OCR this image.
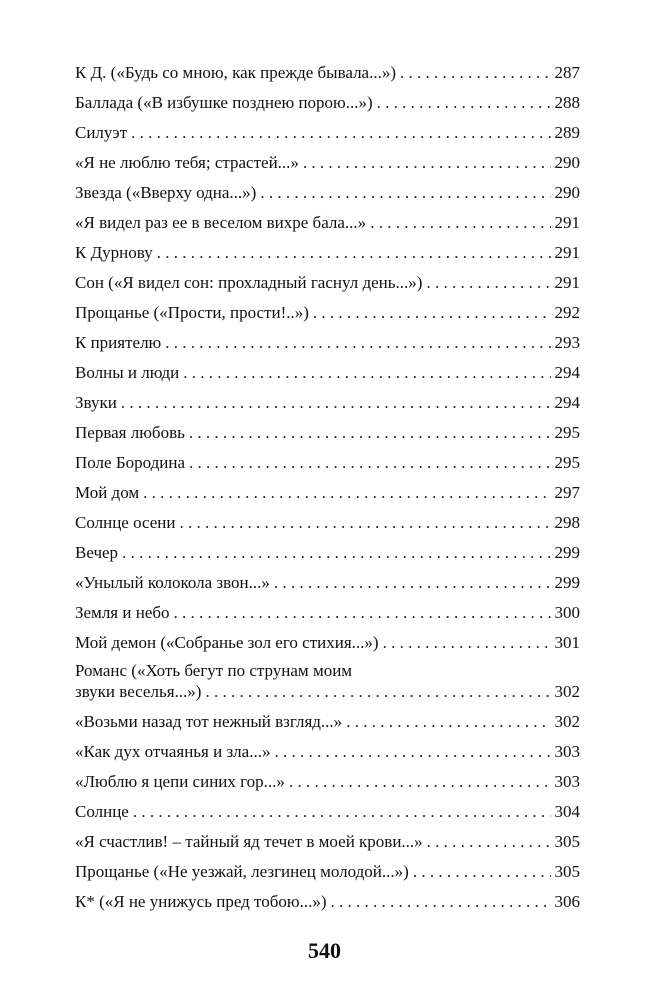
К Д. («Будь со мною, как прежде бывала...») . . .	287
Баллада («В избушке позднею порою...») . . .	288
Силуэт . . .	289
«Я не люблю тебя; страстей...» . . .	290
Звезда («Вверху одна...») . . .	290
«Я видел раз ее в веселом вихре бала...» . . .	291
К Дурнову . . .	291
Сон («Я видел сон: прохладный гаснул день...») . . .	291
Прощанье («Прости, прости!..») . . .	292
К приятелю . . .	293
Волны и люди . . .	294
Звуки . . .	294
Первая любовь . . .	295
Поле Бородина . . .	295
Мой дом . . .	297
Солнце осени . . .	298
Вечер . . .	299
«Унылый колокола звон...» . . .	299
Земля и небо . . .	300
Мой демон («Собранье зол его стихия...») . . .	301
Романс («Хоть бегут по струнам моим
звуки веселья...») . . .	302
«Возьми назад тот нежный взгляд...» . . .	302
«Как дух отчаянья и зла...» . . .	303
«Люблю я цепи синих гор...» . . .	303
Солнце . . .	304
«Я счастлив! – тайный яд течет в моей крови...» . . .	305
Прощанье («Не уезжай, лезгинец молодой...») . . .	305
К* («Я не унижусь пред тобою...») . . .	306
540
